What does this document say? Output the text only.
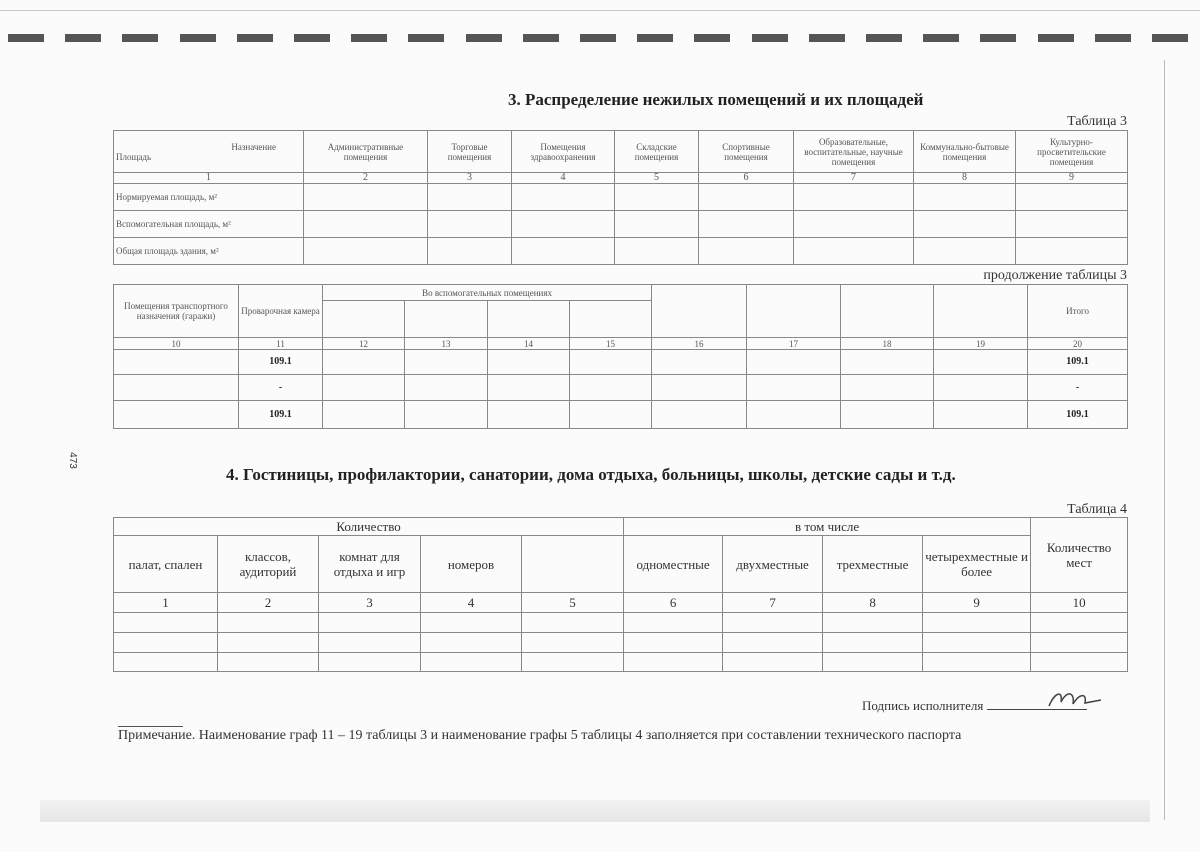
473
3. Распределение нежилых помещений и их площадей
Таблица 3
Назначение
Площадь	Административные помещения	Торговые помещения	Помещения здравоохранения	Складские помещения	Спортивные помещения	Образовательные, воспитательные, научные помещения	Коммунально-бытовые помещения	Культурно-просветительские помещения
1	2	3	4	5	6	7	8	9
Нормируемая площадь, м²								
Вспомогательная площадь, м²								
Общая площадь здания, м²								
продолжение таблицы 3
Помещения транспортного назначения (гаражи)	Проварочная камера	Во вспомогательных помещениях								Итого

10	11	12	13	14	15	16	17	18	19	20
	109.1									109.1
	-									-
	109.1									109.1
4. Гостиницы, профилактории, санатории, дома отдыха, больницы, школы, детские сады и т.д.
Таблица 4
Количество					в том числе				Количество мест
палат, спален	классов, аудиторий	комнат для отдыха и игр	номеров		одноместные	двухместные	трехместные	четырехместные и более	
1	2	3	4	5	6	7	8	9	10

Подпись исполнителя
Примечание. Наименование граф 11 – 19 таблицы 3 и наименование графы 5 таблицы 4 заполняется при составлении технического паспорта
